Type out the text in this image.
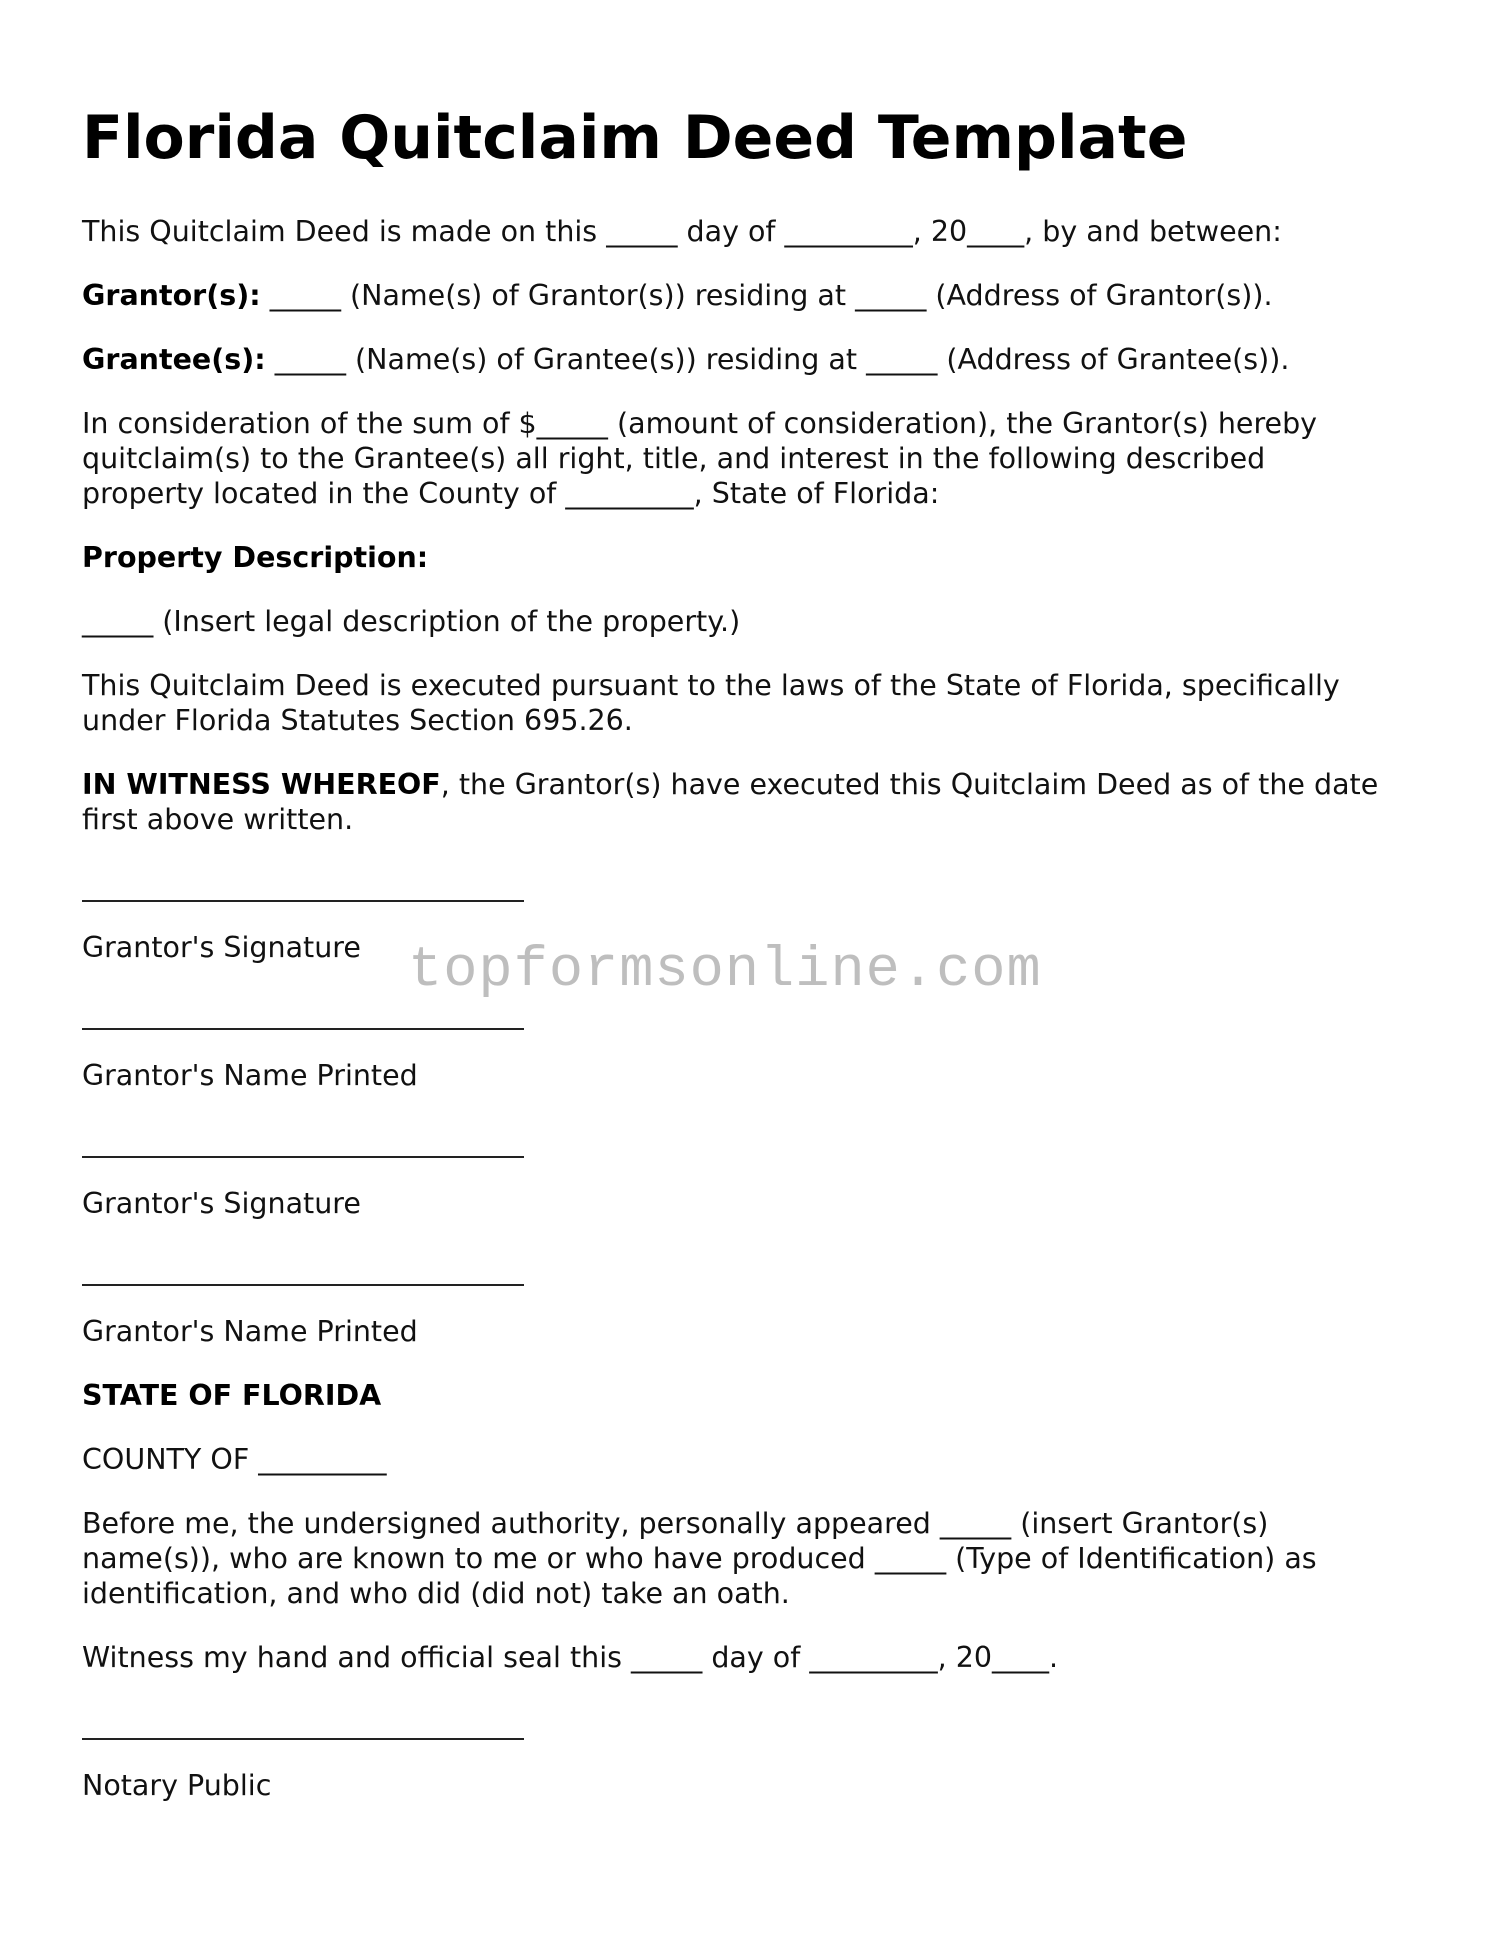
Florida Quitclaim Deed Template

This Quitclaim Deed is made on this _____ day of _________, 20____, by and between:

Grantor(s): _____ (Name(s) of Grantor(s)) residing at _____ (Address of Grantor(s)).

Grantee(s): _____ (Name(s) of Grantee(s)) residing at _____ (Address of Grantee(s)).

In consideration of the sum of $_____ (amount of consideration), the Grantor(s) hereby

quitclaim(s) to the Grantee(s) all right, title, and interest in the following described

property located in the County of _________, State of Florida:

Property Description:

_____ (Insert legal description of the property.)

This Quitclaim Deed is executed pursuant to the laws of the State of Florida, specifically

under Florida Statutes Section 695.26.

IN WITNESS WHEREOF, the Grantor(s) have executed this Quitclaim Deed as of the date

first above written.

Grantor's Signature

Grantor's Name Printed

Grantor's Signature

Grantor's Name Printed

STATE OF FLORIDA

COUNTY OF _________

Before me, the undersigned authority, personally appeared _____ (insert Grantor(s)

name(s)), who are known to me or who have produced _____ (Type of Identification) as

identification, and who did (did not) take an oath.

Witness my hand and official seal this _____ day of _________, 20____.

Notary Public

topformsonline.com
